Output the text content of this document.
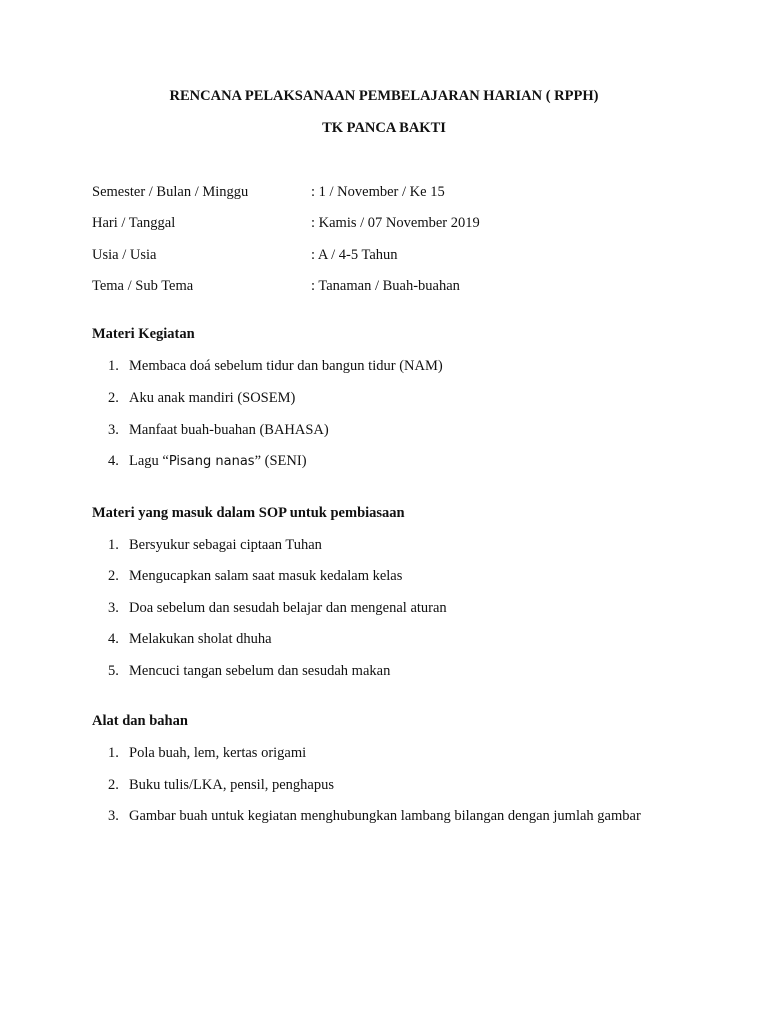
RENCANA PELAKSANAAN PEMBELAJARAN HARIAN ( RPPH)
TK PANCA BAKTI
Semester / Bulan / Minggu	: 1 / November / Ke 15
Hari / Tanggal	: Kamis / 07 November 2019
Usia / Usia	: A / 4-5 Tahun
Tema / Sub Tema	: Tanaman / Buah-buahan
Materi Kegiatan
1. Membaca doá sebelum tidur dan bangun tidur (NAM)
2. Aku anak mandiri (SOSEM)
3. Manfaat buah-buahan (BAHASA)
4. Lagu “Pisang nanas” (SENI)
Materi yang masuk dalam SOP untuk pembiasaan
1. Bersyukur sebagai ciptaan Tuhan
2. Mengucapkan salam saat masuk kedalam kelas
3. Doa sebelum dan sesudah belajar dan mengenal aturan
4. Melakukan sholat dhuha
5. Mencuci tangan sebelum dan sesudah makan
Alat dan bahan
1. Pola buah, lem, kertas origami
2. Buku tulis/LKA, pensil, penghapus
3. Gambar buah untuk kegiatan menghubungkan lambang bilangan dengan jumlah gambar
